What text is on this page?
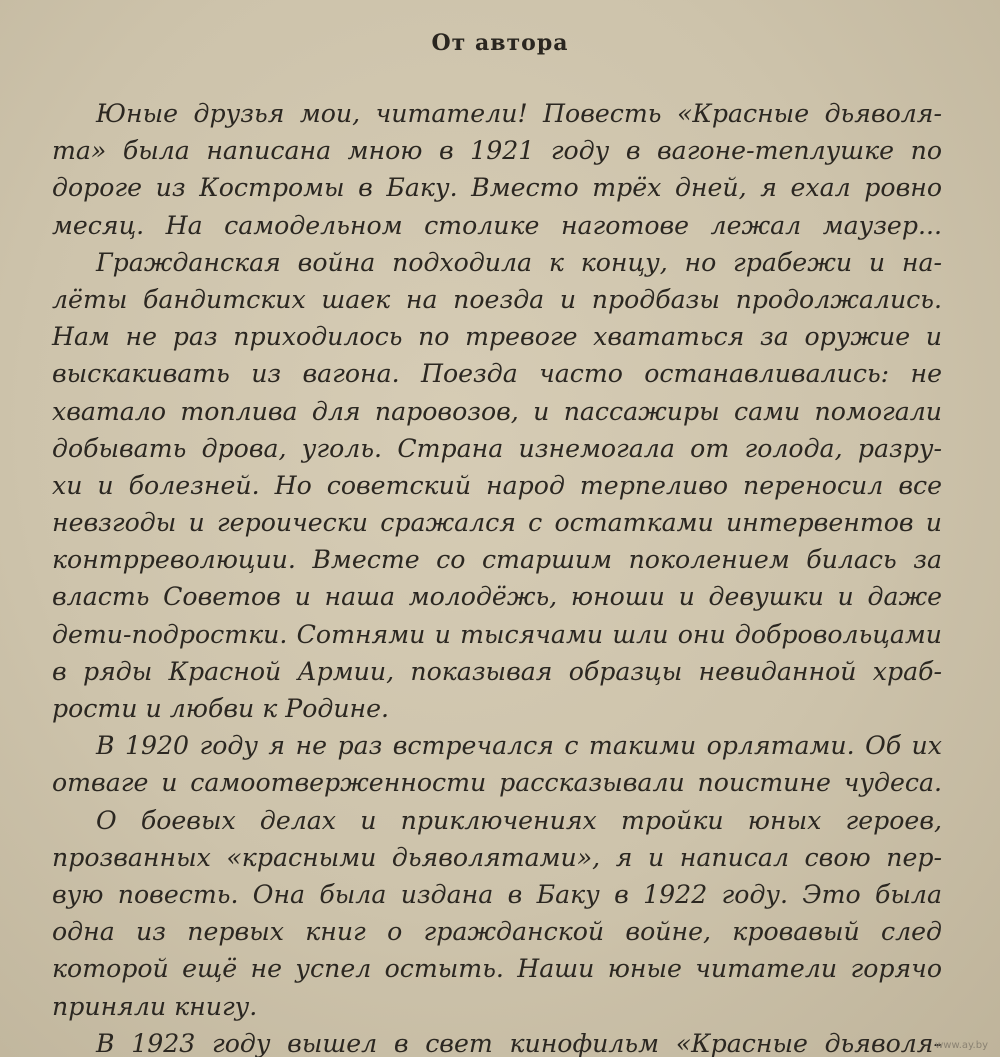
От автора
Юные друзья мои, читатели! Повесть «Красные дьяволя-
та» была написана мною в 1921 году в вагоне-теплушке по
дороге из Костромы в Баку. Вместо трёх дней, я ехал ровно
месяц. На самодельном столике наготове лежал маузер...
Гражданская война подходила к концу, но грабежи и на-
лёты бандитских шаек на поезда и продбазы продолжались.
Нам не раз приходилось по тревоге хвататься за оружие и
выскакивать из вагона. Поезда часто останавливались: не
хватало топлива для паровозов, и пассажиры сами помогали
добывать дрова, уголь. Страна изнемогала от голода, разру-
хи и болезней. Но советский народ терпеливо переносил все
невзгоды и героически сражался с остатками интервентов и
контрреволюции. Вместе со старшим поколением билась за
власть Советов и наша молодёжь, юноши и девушки и даже
дети-подростки. Сотнями и тысячами шли они добровольцами
в ряды Красной Армии, показывая образцы невиданной храб-
рости и любви к Родине.
В 1920 году я не раз встречался с такими орлятами. Об их
отваге и самоотверженности рассказывали поистине чудеса.
О боевых делах и приключениях тройки юных героев,
прозванных «красными дьяволятами», я и написал свою пер-
вую повесть. Она была издана в Баку в 1922 году. Это была
одна из первых книг о гражданской войне, кровавый след
которой ещё не успел остыть. Наши юные читатели горячо
приняли книгу.
В 1923 году вышел в свет кинофильм «Красные дьяволя-
www.ay.by
